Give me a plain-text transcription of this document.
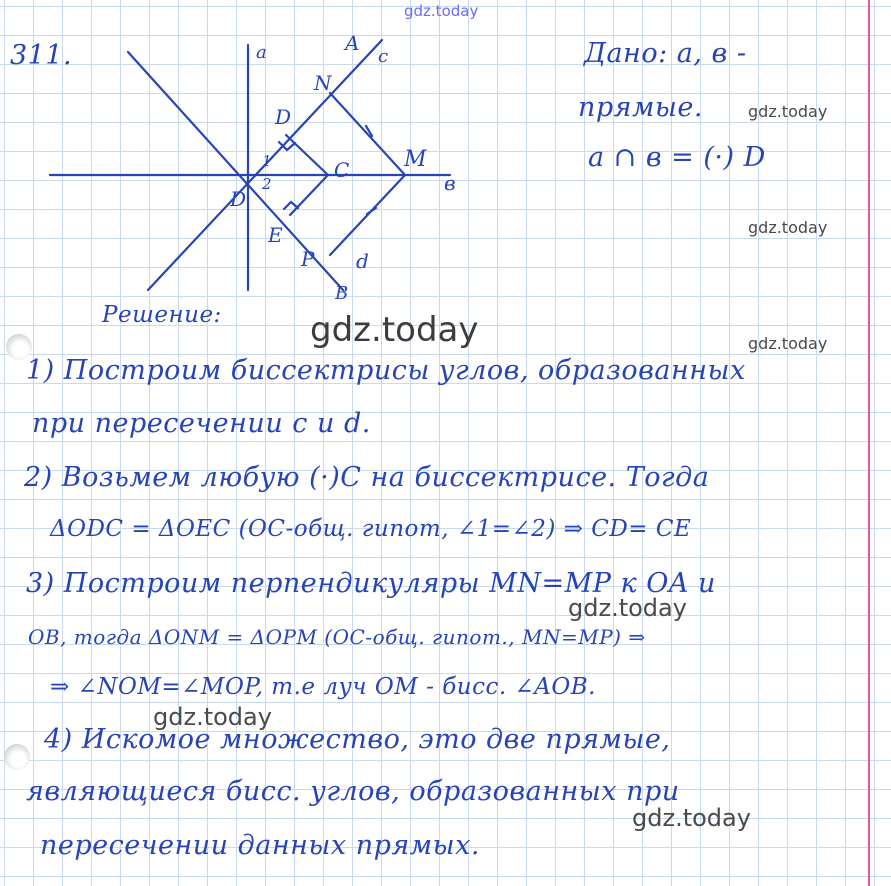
gdz.today
311.	Дано: a, в -
прямые.
a ∩ в = (·) D
a	A
c
N
D
1
2
C M
в
D
E
P d
B
Решение:
1) Построим биссектрисы углов, образованных
при пересечении c и d.
2) Возьмем любую (·)C на биссектрисе. Тогда
ΔODC = ΔOEC (OC-общ. гипот, ∠1=∠2) ⇒ CD= CE
3) Построим перпендикуляры MN=MP к OA и
OB, тогда ΔONM = ΔOPM (OC-общ. гипот., MN=MP) ⇒
⇒ ∠NOM=∠MOP, т.е луч OM - бисс. ∠AOB.
4) Искомое множество, это две прямые,
являющиеся бисс. углов, образованных при
пересечении данных прямых.
gdz.today
gdz.today
gdz.today	gdz.today
gdz.today
gdz.today
gdz.today
